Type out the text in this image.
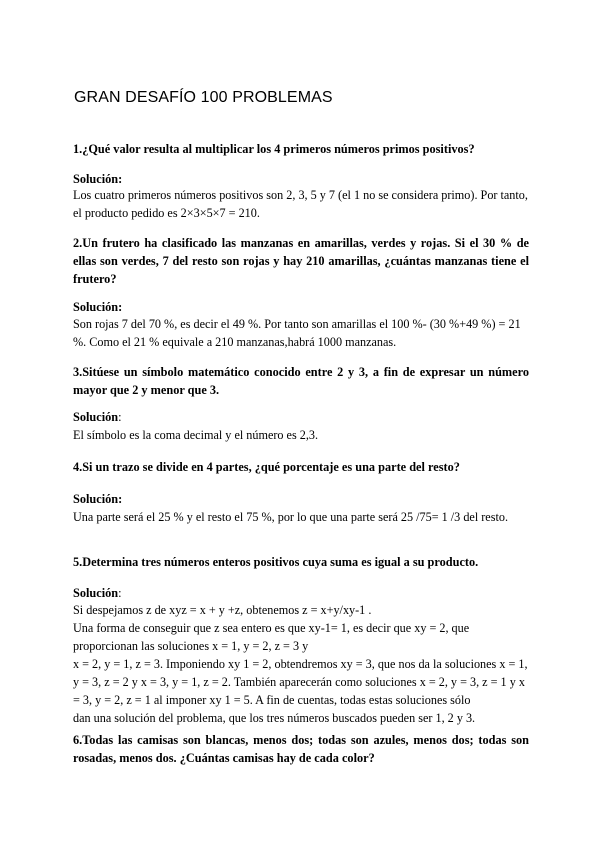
GRAN DESAFÍO 100 PROBLEMAS
1.¿Qué valor resulta al multiplicar los 4 primeros números primos positivos?
Solución:
Los cuatro primeros números positivos son 2, 3, 5 y 7 (el 1 no se considera primo). Por tanto,
el producto pedido es 2×3×5×7 = 210.
2.Un frutero ha clasificado las manzanas en amarillas, verdes y rojas. Si el 30 % de ellas son verdes, 7 del resto son rojas y hay 210 amarillas, ¿cuántas manzanas tiene el frutero?
Solución:
Son rojas 7 del 70 %, es decir el 49 %. Por tanto son amarillas el 100 %- (30 %+49 %) = 21
%. Como el 21 % equivale a 210 manzanas,habrá 1000 manzanas.
3.Sitúese un símbolo matemático conocido entre 2 y 3, a fin de expresar un número mayor que 2 y menor que 3.
Solución:
El símbolo es la coma decimal y el número es 2,3.
4.Si un trazo se divide en 4 partes, ¿qué porcentaje es una parte del resto?
Solución:
Una parte será el 25 % y el resto el 75 %, por lo que una parte será 25 /75= 1 /3 del resto.
5.Determina tres números enteros positivos cuya suma es igual a su producto.
Solución:
Si despejamos z de xyz = x + y +z, obtenemos z = x+y/xy-1 .
Una forma de conseguir que z sea entero es que xy-1= 1, es decir que xy = 2, que
proporcionan las soluciones x = 1, y = 2, z = 3 y
x = 2, y = 1, z = 3. Imponiendo xy 1 = 2, obtendremos xy = 3, que nos da la soluciones x = 1,
y = 3, z = 2 y x = 3, y = 1, z = 2. También aparecerán como soluciones x = 2, y = 3, z = 1 y x
= 3, y = 2, z = 1 al imponer xy 1 = 5. A fin de cuentas, todas estas soluciones sólo
dan una solución del problema, que los tres números buscados pueden ser 1, 2 y 3.
6.Todas las camisas son blancas, menos dos; todas son azules, menos dos; todas son rosadas, menos dos. ¿Cuántas camisas hay de cada color?
